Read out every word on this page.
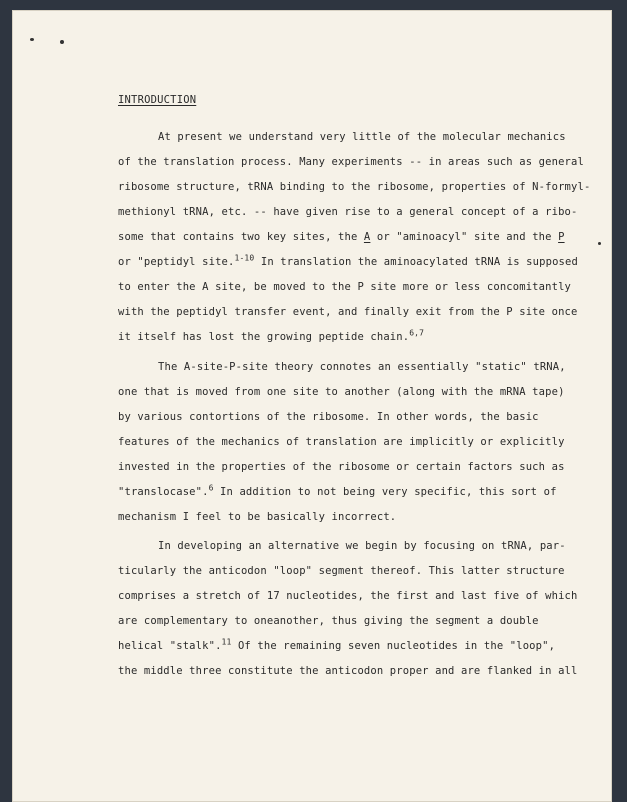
INTRODUCTION
At present we understand very little of the molecular mechanics
of the translation process. Many experiments -- in areas such as general
ribosome structure, tRNA binding to the ribosome, properties of N-formyl-
methionyl tRNA, etc. -- have given rise to a general concept of a ribo-
some that contains two key sites, the A or "aminoacyl" site and the P
or "peptidyl site.$^{1-10}$ In translation the aminoacylated tRNA is supposed
to enter the A site, be moved to the P site more or less concomitantly
with the peptidyl transfer event, and finally exit from the P site once
it itself has lost the growing peptide chain.$^{6,7}$
The A-site-P-site theory connotes an essentially "static" tRNA,
one that is moved from one site to another (along with the mRNA tape)
by various contortions of the ribosome. In other words, the basic
features of the mechanics of translation are implicitly or explicitly
invested in the properties of the ribosome or certain factors such as
"translocase".$^6$ In addition to not being very specific, this sort of
mechanism I feel to be basically incorrect.
In developing an alternative we begin by focusing on tRNA, par-
ticularly the anticodon "loop" segment thereof. This latter structure
comprises a stretch of 17 nucleotides, the first and last five of which
are complementary to oneanother, thus giving the segment a double
helical "stalk".$^{11}$ Of the remaining seven nucleotides in the "loop",
the middle three constitute the anticodon proper and are flanked in all
